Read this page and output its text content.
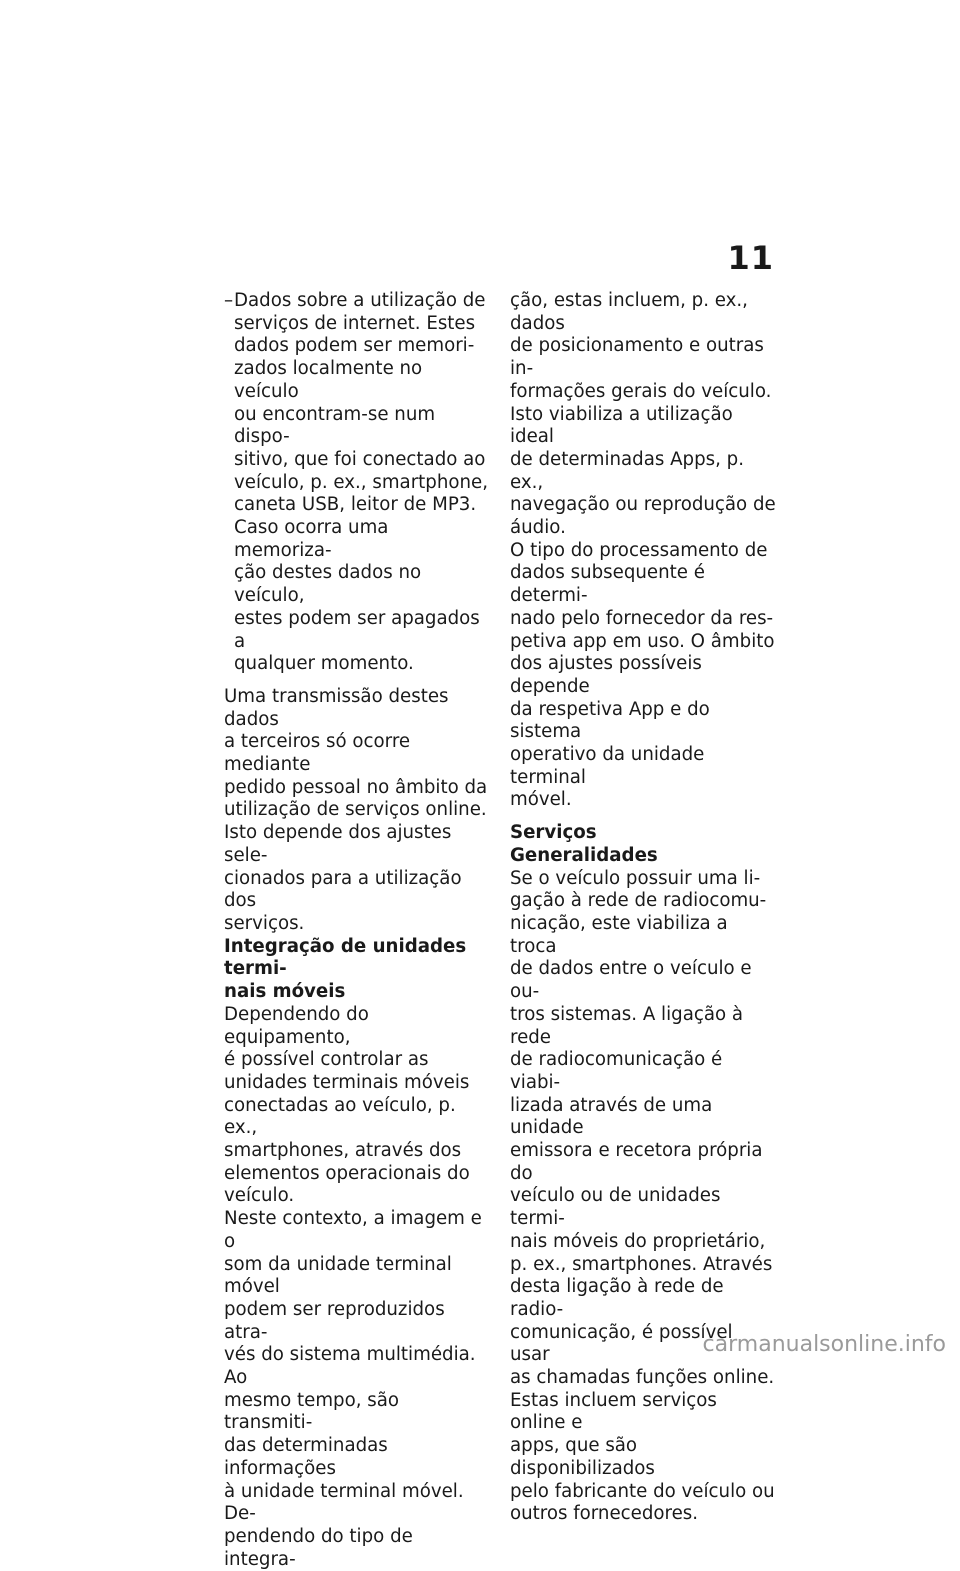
11
– Dados sobre a utilização de
serviços de internet. Estes
dados podem ser memori-
zados localmente no veículo
ou encontram-se num dispo-
sitivo, que foi conectado ao
veículo, p. ex., smartphone,
caneta USB, leitor de MP3.
Caso ocorra uma memoriza-
ção destes dados no veículo,
estes podem ser apagados a
qualquer momento.

Uma transmissão destes dados
a terceiros só ocorre mediante
pedido pessoal no âmbito da
utilização de serviços online.
Isto depende dos ajustes sele-
cionados para a utilização dos
serviços.

Integração de unidades termi-
nais móveis

Dependendo do equipamento,
é possível controlar as
unidades terminais móveis
conectadas ao veículo, p. ex.,
smartphones, através dos
elementos operacionais do
veículo.

Neste contexto, a imagem e o
som da unidade terminal móvel
podem ser reproduzidos atra-
vés do sistema multimédia. Ao
mesmo tempo, são transmiti-
das determinadas informações
à unidade terminal móvel. De-
pendendo do tipo de integra-

ção, estas incluem, p. ex., dados
de posicionamento e outras in-
formações gerais do veículo.
Isto viabiliza a utilização ideal
de determinadas Apps, p. ex.,
navegação ou reprodução de
áudio.

O tipo do processamento de
dados subsequente é determi-
nado pelo fornecedor da res-
petiva app em uso. O âmbito
dos ajustes possíveis depende
da respetiva App e do sistema
operativo da unidade terminal
móvel.

Serviços

Generalidades

Se o veículo possuir uma li-
gação à rede de radiocomu-
nicação, este viabiliza a troca
de dados entre o veículo e ou-
tros sistemas. A ligação à rede
de radiocomunicação é viabi-
lizada através de uma unidade
emissora e recetora própria do
veículo ou de unidades termi-
nais móveis do proprietário,
p. ex., smartphones. Através
desta ligação à rede de radio-
comunicação, é possível usar
as chamadas funções online.
Estas incluem serviços online e
apps, que são disponibilizados
pelo fabricante do veículo ou
outros fornecedores.

carmanualsonline.info
